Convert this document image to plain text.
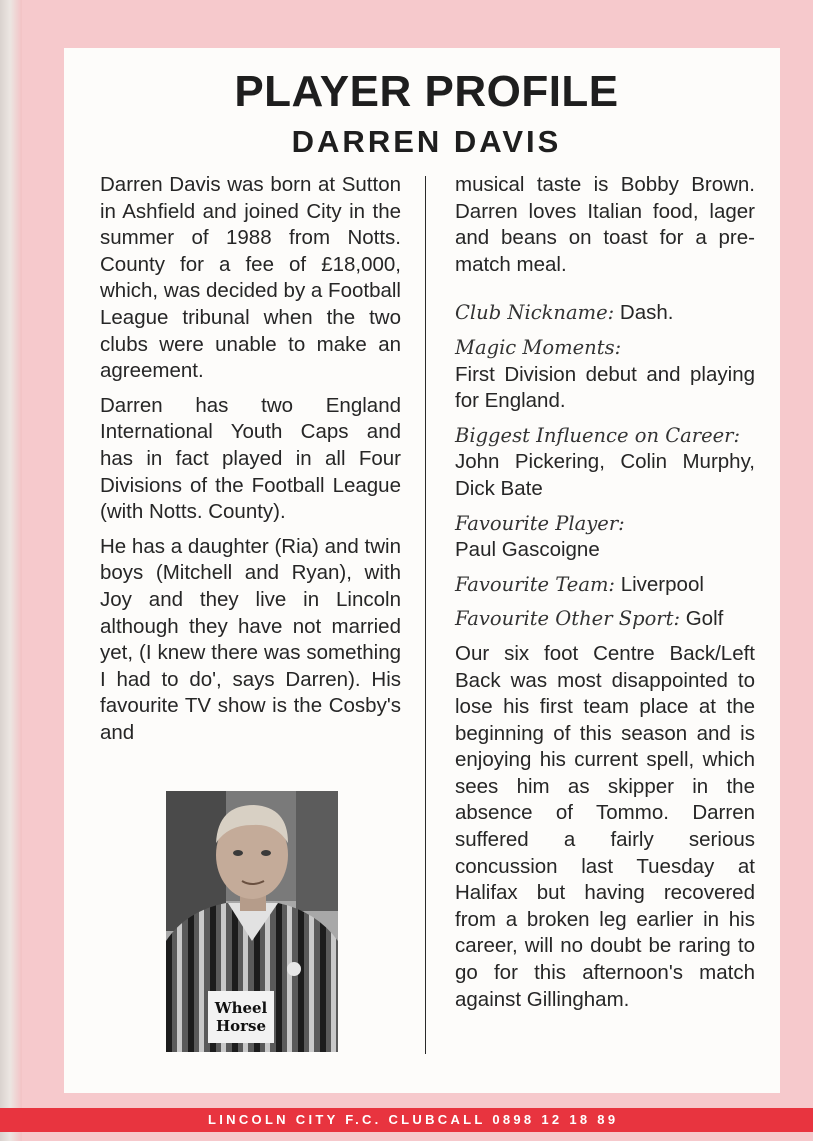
PLAYER PROFILE
DARREN DAVIS

Darren Davis was born at Sutton in Ashfield and joined City in the summer of 1988 from Notts. County for a fee of £18,000, which, was decided by a Football League tribunal when the two clubs were unable to make an agreement.

Darren has two England International Youth Caps and has in fact played in all Four Divisions of the Football League (with Notts. County).

He has a daughter (Ria) and twin boys (Mitchell and Ryan), with Joy and they live in Lincoln although they have not married yet, (I knew there was something I had to do', says Darren). His favourite TV show is the Cosby's and

Wheel
Horse

musical taste is Bobby Brown. Darren loves Italian food, lager and beans on toast for a pre-match meal.

Club Nickname: Dash.

Magic Moments:
First Division debut and playing for England.

Biggest Influence on Career:
John Pickering, Colin Murphy, Dick Bate

Favourite Player:
Paul Gascoigne

Favourite Team: Liverpool

Favourite Other Sport: Golf

Our six foot Centre Back/Left Back was most disappointed to lose his first team place at the beginning of this season and is enjoying his current spell, which sees him as skipper in the absence of Tommo. Darren suffered a fairly serious concussion last Tuesday at Halifax but having recovered from a broken leg earlier in his career, will no doubt be raring to go for this afternoon's match against Gillingham.

LINCOLN CITY F.C. CLUBCALL 0898 12 18 89
